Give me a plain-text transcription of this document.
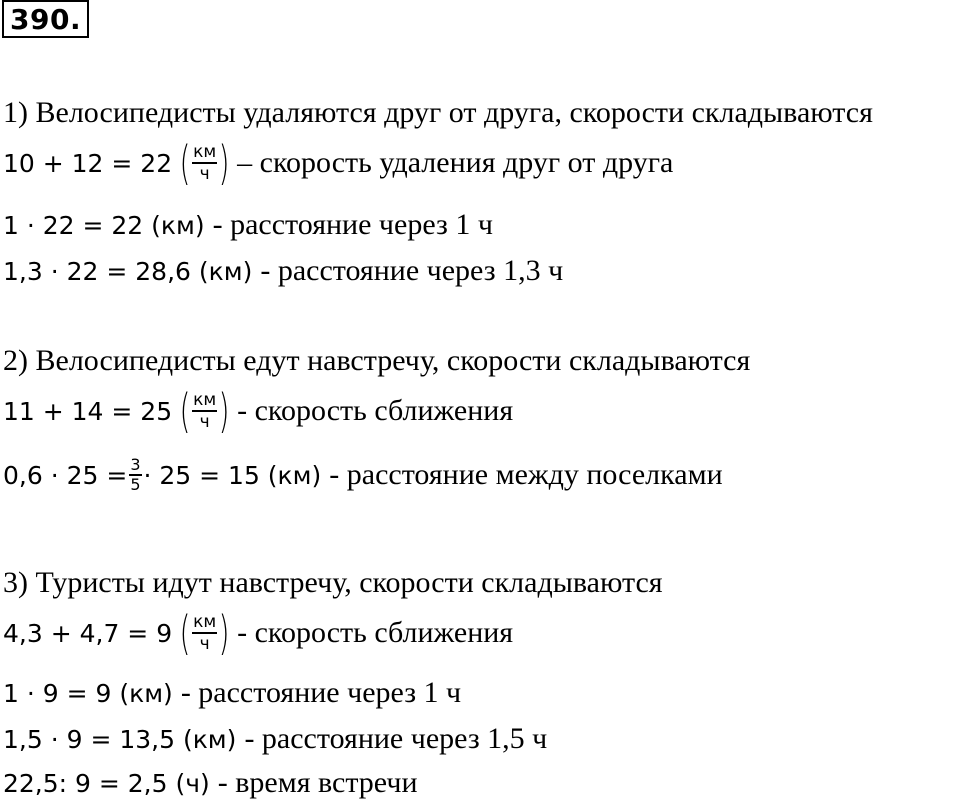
390.
1) Велосипедисты удаляются друг от друга, скорости складываются
10 + 12 = 22 ( $\frac{км}{ч}$ ) – скорость удаления друг от друга
1 · 22 = 22 (км) - расстояние через 1 ч
1,3 · 22 = 28,6 (км) - расстояние через 1,3 ч
2) Велосипедисты едут навстречу, скорости складываются
11 + 14 = 25 ( $\frac{км}{ч}$ ) - скорость сближения
$0,6 \cdot 25 = \frac{3}{5} \cdot 25 = 15$ (км) - расстояние между поселками
3) Туристы идут навстречу, скорости складываются
4,3 + 4,7 = 9 ( $\frac{км}{ч}$ ) - скорость сближения
1 · 9 = 9 (км) - расстояние через 1 ч
1,5 · 9 = 13,5 (км) - расстояние через 1,5 ч
22,5: 9 = 2,5 (ч) - время встречи
